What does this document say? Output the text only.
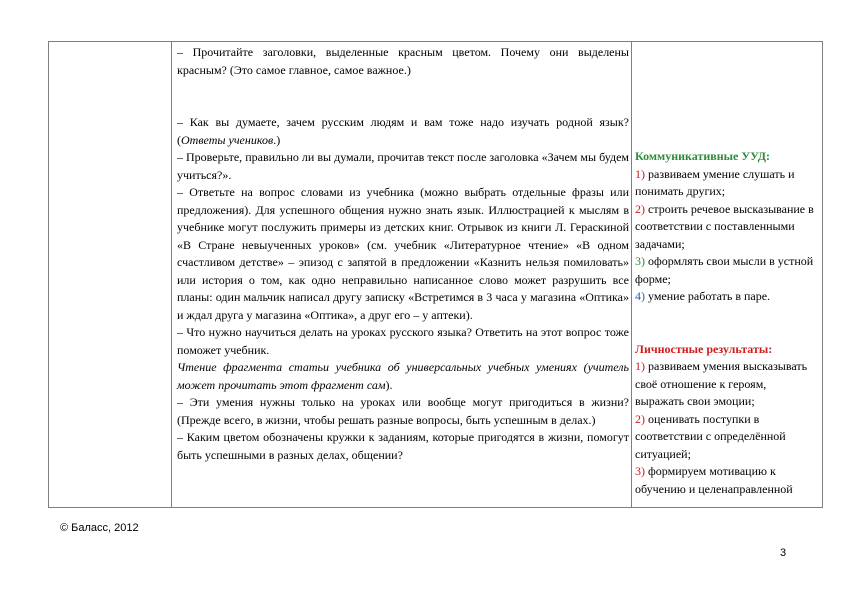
– Прочитайте заголовки, выделенные красным цветом. Почему они выделены красным? (Это самое главное, самое важное.)

– Как вы думаете, зачем русским людям и вам тоже надо изучать родной язык? (Ответы учеников.)

– Проверьте, правильно ли вы думали, прочитав текст после заголовка «Зачем мы будем учиться?».

– Ответьте на вопрос словами из учебника (можно выбрать отдельные фразы или предложения). Для успешного общения нужно знать язык. Иллюстрацией к мыслям в учебнике могут послужить примеры из детских книг. Отрывок из книги Л. Гераскиной «В Стране невыученных уроков» (см. учебник «Литературное чтение» «В одном счастливом детстве» – эпизод с запятой в предложении «Казнить нельзя помиловать» или история о том, как одно неправильно написанное слово может разрушить все планы: один мальчик написал другу записку «Встретимся в 3 часа у магазина «Оптика» и ждал друга у магазина «Оптика», а друг его – у аптеки).

– Что нужно научиться делать на уроках русского языка? Ответить на этот вопрос тоже поможет учебник.

Чтение фрагмента статьи учебника об универсальных учебных умениях (учитель может прочитать этот фрагмент сам).

– Эти умения нужны только на уроках или вообще могут пригодиться в жизни? (Прежде всего, в жизни, чтобы решать разные вопросы, быть успешным в делах.)

– Каким цветом обозначены кружки к заданиям, которые пригодятся в жизни, помогут быть успешными в разных делах, общении?

Коммуникативные УУД:

1) развиваем умение слушать и понимать других;

2) строить речевое высказывание в соответствии с поставленными задачами;

3) оформлять свои мысли в устной форме;

4) умение работать в паре.

Личностные результаты:

1) развиваем умения высказывать своё отношение к героям, выражать свои эмоции;

2) оценивать поступки в соответствии с определённой ситуацией;

3) формируем мотивацию к обучению и целенаправленной

© Баласс, 2012
3
